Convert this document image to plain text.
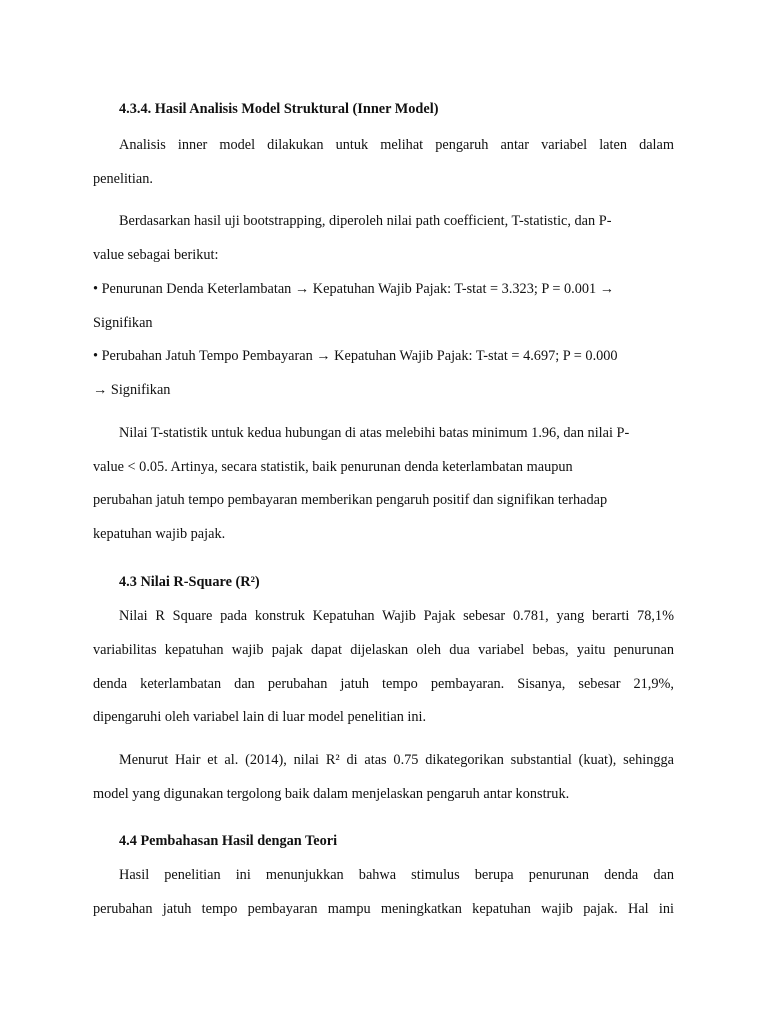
4.3.4. Hasil Analisis Model Struktural (Inner Model)
Analisis inner model dilakukan untuk melihat pengaruh antar variabel laten dalam
penelitian.
Berdasarkan hasil uji bootstrapping, diperoleh nilai path coefficient, T-statistic, dan P-
value sebagai berikut:
• Penurunan Denda Keterlambatan → Kepatuhan Wajib Pajak: T-stat = 3.323; P = 0.001 →
Signifikan
• Perubahan Jatuh Tempo Pembayaran → Kepatuhan Wajib Pajak: T-stat = 4.697; P = 0.000
→ Signifikan
Nilai T-statistik untuk kedua hubungan di atas melebihi batas minimum 1.96, dan nilai P-
value < 0.05. Artinya, secara statistik, baik penurunan denda keterlambatan maupun
perubahan jatuh tempo pembayaran memberikan pengaruh positif dan signifikan terhadap
kepatuhan wajib pajak.
4.3 Nilai R-Square (R²)
Nilai R Square pada konstruk Kepatuhan Wajib Pajak sebesar 0.781, yang berarti 78,1%
variabilitas kepatuhan wajib pajak dapat dijelaskan oleh dua variabel bebas, yaitu penurunan
denda keterlambatan dan perubahan jatuh tempo pembayaran. Sisanya, sebesar 21,9%,
dipengaruhi oleh variabel lain di luar model penelitian ini.
Menurut Hair et al. (2014), nilai R² di atas 0.75 dikategorikan substantial (kuat), sehingga
model yang digunakan tergolong baik dalam menjelaskan pengaruh antar konstruk.
4.4 Pembahasan Hasil dengan Teori
Hasil penelitian ini menunjukkan bahwa stimulus berupa penurunan denda dan
perubahan jatuh tempo pembayaran mampu meningkatkan kepatuhan wajib pajak. Hal ini
